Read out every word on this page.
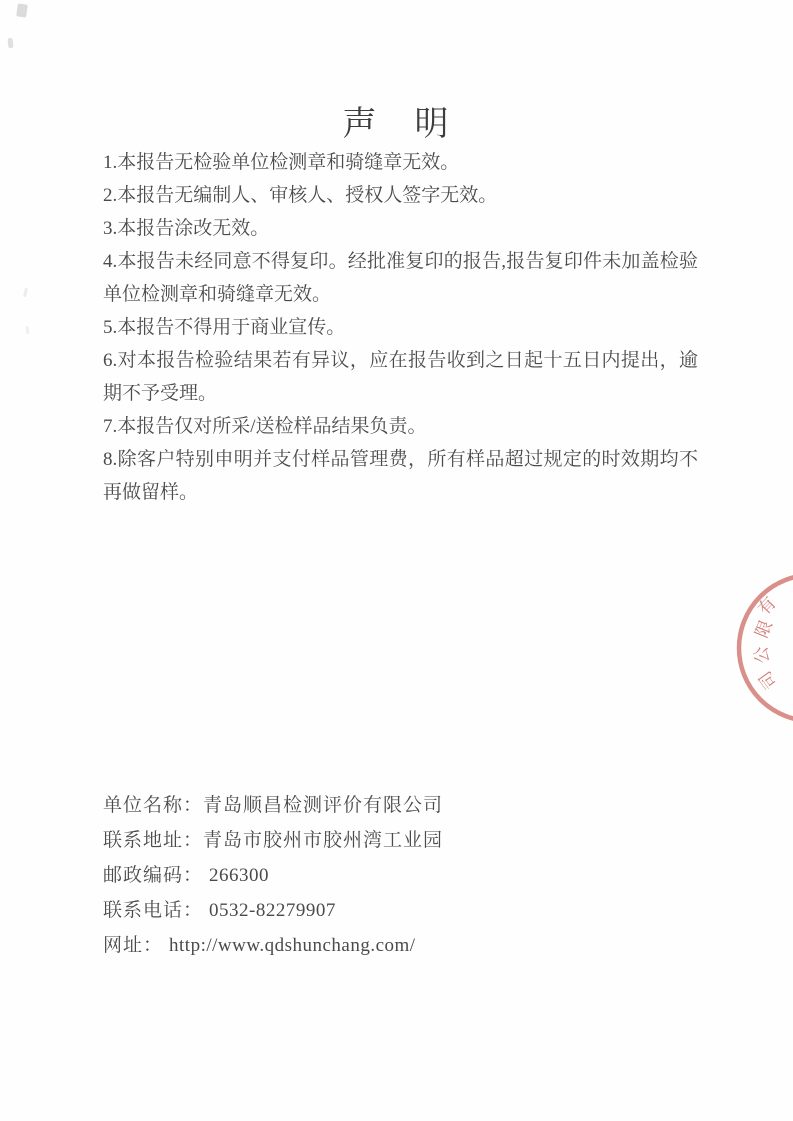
声　明

1.本报告无检验单位检测章和骑缝章无效。

2.本报告无编制人、审核人、授权人签字无效。

3.本报告涂改无效。

4.本报告未经同意不得复印。经批准复印的报告,报告复印件未加盖检验单位检测章和骑缝章无效。

5.本报告不得用于商业宣传。

6.对本报告检验结果若有异议，应在报告收到之日起十五日内提出，逾期不予受理。

7.本报告仅对所采/送检样品结果负责。

8.除客户特别申明并支付样品管理费，所有样品超过规定的时效期均不再做留样。

单位名称：青岛顺昌检测评价有限公司
联系地址：青岛市胶州市胶州湾工业园
邮政编码： 266300
联系电话： 0532-82279907
网址： http://www.qdshunchang.com/
有
限
公
司
